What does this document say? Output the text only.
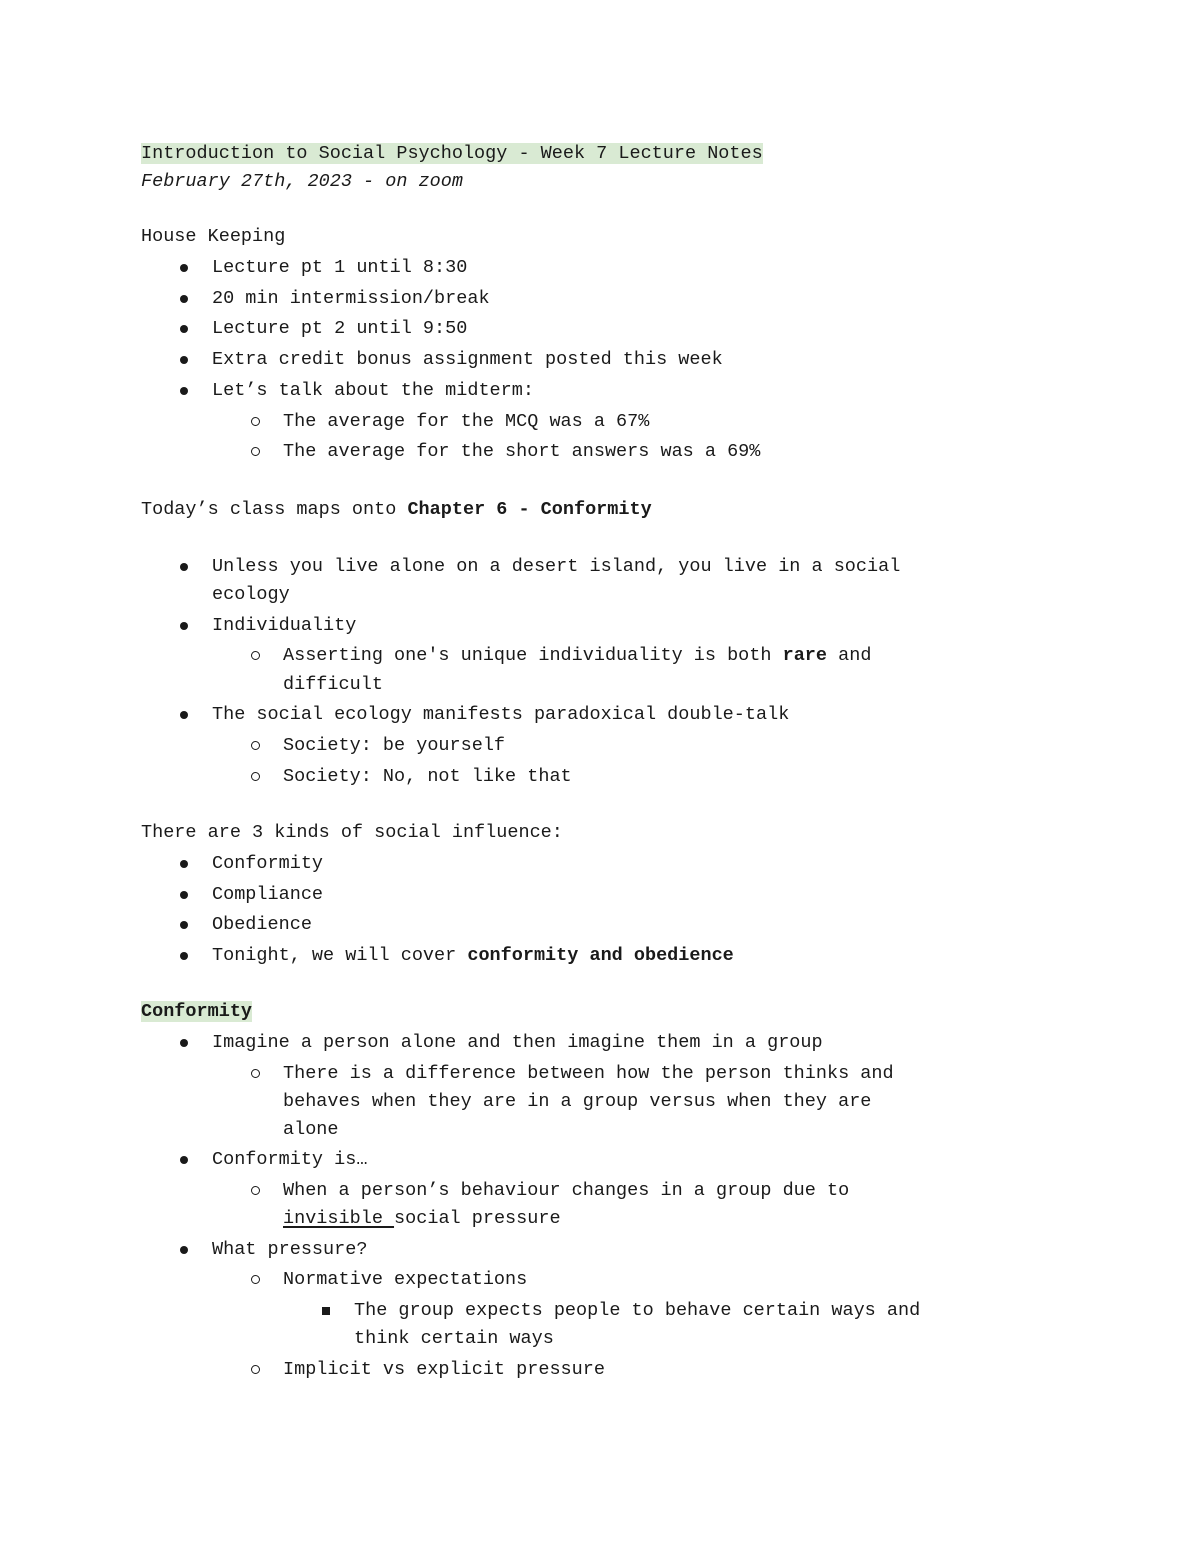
Introduction to Social Psychology - Week 7 Lecture Notes
February 27th, 2023 - on zoom
House Keeping
Lecture pt 1 until 8:30
20 min intermission/break
Lecture pt 2 until 9:50
Extra credit bonus assignment posted this week
Let’s talk about the midterm:
The average for the MCQ was a 67%
The average for the short answers was a 69%
Today’s class maps onto Chapter 6 - Conformity
Unless you live alone on a desert island, you live in a social
ecology
Individuality
Asserting one's unique individuality is both rare and
difficult
The social ecology manifests paradoxical double-talk
Society: be yourself
Society: No, not like that
There are 3 kinds of social influence:
Conformity
Compliance
Obedience
Tonight, we will cover conformity and obedience
Conformity
Imagine a person alone and then imagine them in a group
There is a difference between how the person thinks and
behaves when they are in a group versus when they are
alone
Conformity is…
When a person’s behaviour changes in a group due to
invisible social pressure
What pressure?
Normative expectations
The group expects people to behave certain ways and
think certain ways
Implicit vs explicit pressure
